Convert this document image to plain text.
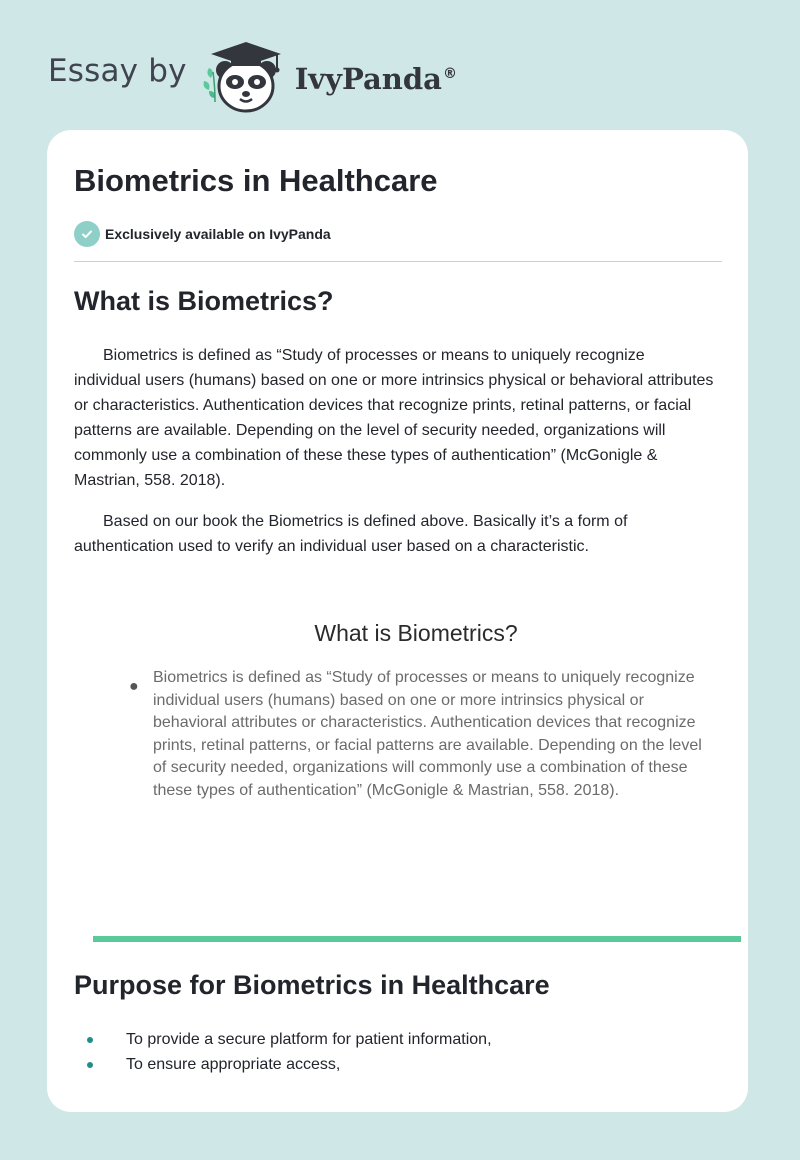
Essay by	IvyPanda®
Biometrics in Healthcare
Exclusively available on IvyPanda
What is Biometrics?

Biometrics is defined as “Study of processes or means to uniquely recognize individual users (humans) based on one or more intrinsics physical or behavioral attributes or characteristics. Authentication devices that recognize prints, retinal patterns, or facial patterns are available. Depending on the level of security needed, organizations will commonly use a combination of these these types of authentication” (McGonigle & Mastrian, 558. 2018).

Based on our book the Biometrics is defined above. Basically it’s a form of authentication used to verify an individual user based on a characteristic.

What is Biometrics?
●
Biometrics is defined as “Study of processes or means to uniquely recognize individual users (humans) based on one or more intrinsics physical or behavioral attributes or characteristics. Authentication devices that recognize prints, retinal patterns, or facial patterns are available. Depending on the level of security needed, organizations will commonly use a combination of these these types of authentication” (McGonigle & Mastrian, 558. 2018).
Purpose for Biometrics in Healthcare
To provide a secure platform for patient information,
To ensure appropriate access,
